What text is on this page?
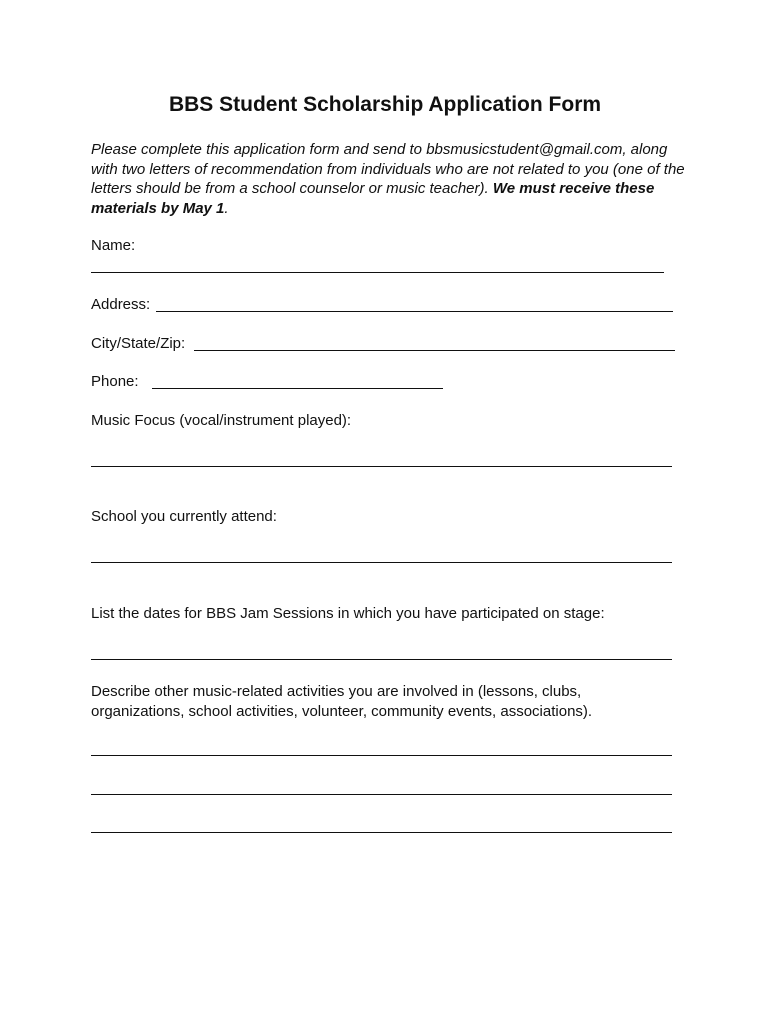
BBS Student Scholarship Application Form
Please complete this application form and send to bbsmusicstudent@gmail.com, along with two letters of recommendation from individuals who are not related to you (one of the letters should be from a school counselor or music teacher). We must receive these materials by May 1.
Name:
Address:
City/State/Zip:
Phone:
Music Focus (vocal/instrument played):
School you currently attend:
List the dates for BBS Jam Sessions in which you have participated on stage:
Describe other music-related activities you are involved in (lessons, clubs,
organizations, school activities, volunteer, community events, associations).
